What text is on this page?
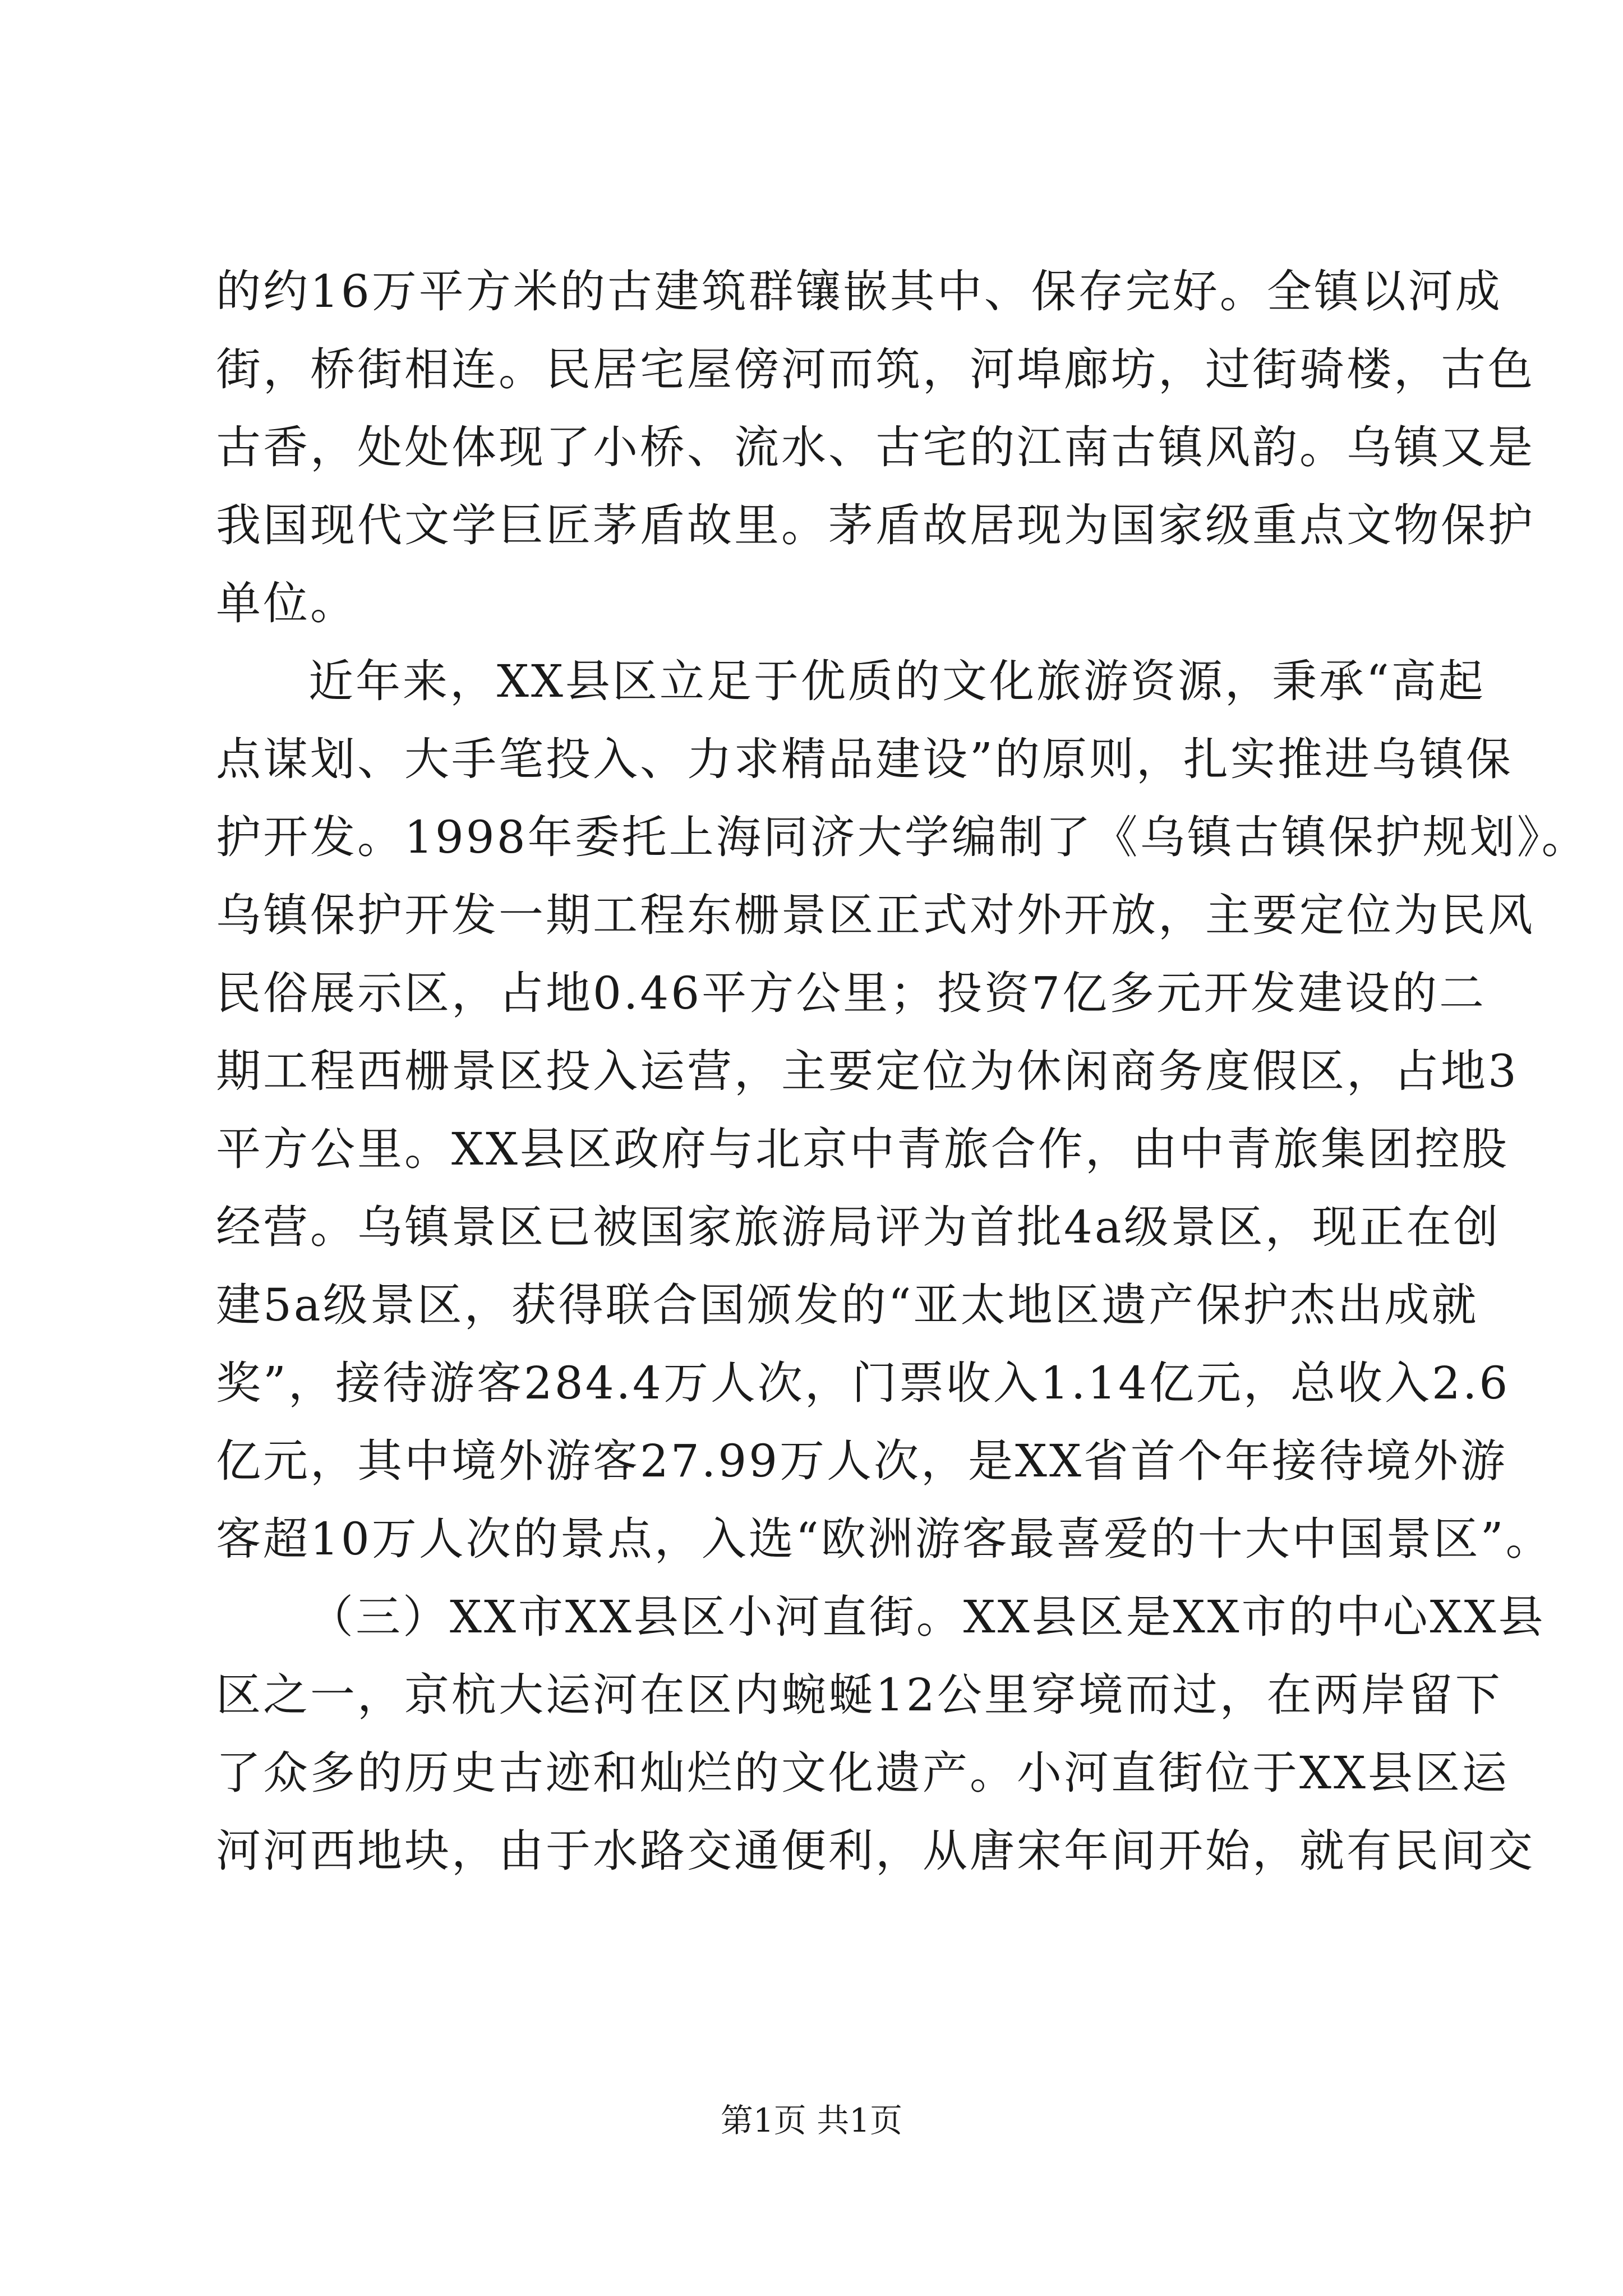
的约16万平方米的古建筑群镶嵌其中、保存完好。全镇以河成
街，桥街相连。民居宅屋傍河而筑，河埠廊坊，过街骑楼，古色
古香，处处体现了小桥、流水、古宅的江南古镇风韵。乌镇又是
我国现代文学巨匠茅盾故里。茅盾故居现为国家级重点文物保护
单位。
近年来，XX县区立足于优质的文化旅游资源，秉承“高起
点谋划、大手笔投入、力求精品建设”的原则，扎实推进乌镇保
护开发。1998年委托上海同济大学编制了《乌镇古镇保护规划》。
乌镇保护开发一期工程东栅景区正式对外开放，主要定位为民风
民俗展示区，占地0.46平方公里；投资7亿多元开发建设的二
期工程西栅景区投入运营，主要定位为休闲商务度假区，占地3
平方公里。XX县区政府与北京中青旅合作，由中青旅集团控股
经营。乌镇景区已被国家旅游局评为首批4a级景区，现正在创
建5a级景区，获得联合国颁发的“亚太地区遗产保护杰出成就
奖”，接待游客284.4万人次，门票收入1.14亿元，总收入2.6
亿元，其中境外游客27.99万人次，是XX省首个年接待境外游
客超10万人次的景点，入选“欧洲游客最喜爱的十大中国景区”。
（三）XX市XX县区小河直街。XX县区是XX市的中心XX县
区之一，京杭大运河在区内蜿蜒12公里穿境而过，在两岸留下
了众多的历史古迹和灿烂的文化遗产。小河直街位于XX县区运
河河西地块，由于水路交通便利，从唐宋年间开始，就有民间交
第1页 共1页
